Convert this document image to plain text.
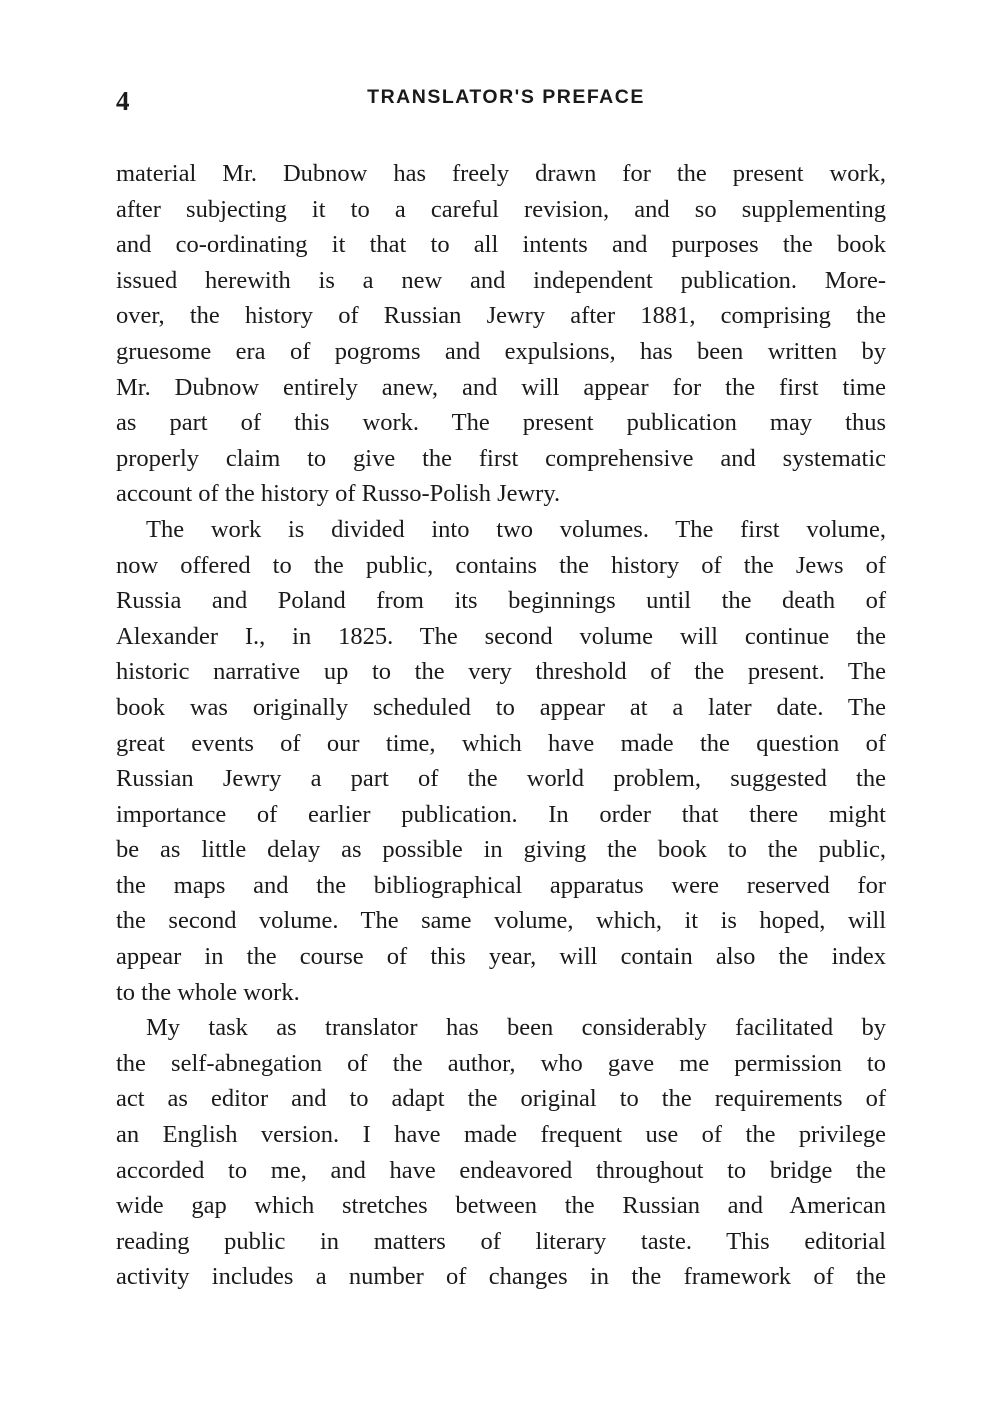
4	TRANSLATOR'S PREFACE
material Mr. Dubnow has freely drawn for the present work,
after subjecting it to a careful revision, and so supplementing
and co-ordinating it that to all intents and purposes the book
issued herewith is a new and independent publication. More-
over, the history of Russian Jewry after 1881, comprising the
gruesome era of pogroms and expulsions, has been written by
Mr. Dubnow entirely anew, and will appear for the first time
as part of this work. The present publication may thus
properly claim to give the first comprehensive and systematic
account of the history of Russo-Polish Jewry.
The work is divided into two volumes. The first volume,
now offered to the public, contains the history of the Jews of
Russia and Poland from its beginnings until the death of
Alexander I., in 1825. The second volume will continue the
historic narrative up to the very threshold of the present. The
book was originally scheduled to appear at a later date. The
great events of our time, which have made the question of
Russian Jewry a part of the world problem, suggested the
importance of earlier publication. In order that there might
be as little delay as possible in giving the book to the public,
the maps and the bibliographical apparatus were reserved for
the second volume. The same volume, which, it is hoped, will
appear in the course of this year, will contain also the index
to the whole work.
My task as translator has been considerably facilitated by
the self-abnegation of the author, who gave me permission to
act as editor and to adapt the original to the requirements of
an English version. I have made frequent use of the privilege
accorded to me, and have endeavored throughout to bridge the
wide gap which stretches between the Russian and American
reading public in matters of literary taste. This editorial
activity includes a number of changes in the framework of the
